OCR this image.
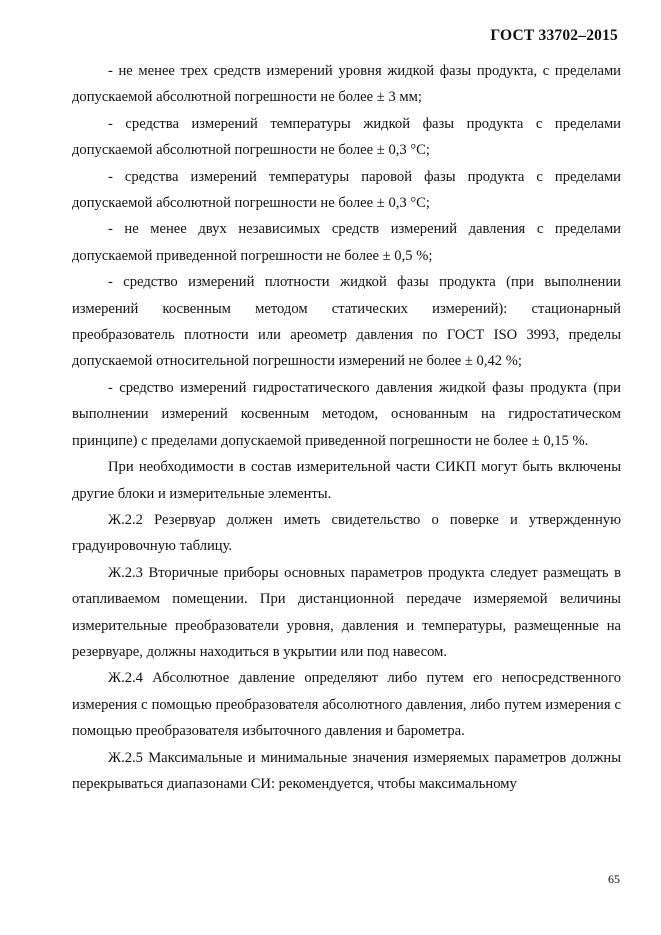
ГОСТ 33702–2015

- не менее трех средств измерений уровня жидкой фазы продукта, с пределами допускаемой абсолютной погрешности не более ± 3 мм;

- средства измерений температуры жидкой фазы продукта с пределами допускаемой абсолютной погрешности не более ± 0,3 °С;

- средства измерений температуры паровой фазы продукта с пределами допускаемой абсолютной погрешности не более ± 0,3 °С;

- не менее двух независимых средств измерений давления с пределами допускаемой приведенной погрешности не более ± 0,5 %;

- средство измерений плотности жидкой фазы продукта (при выполнении измерений косвенным методом статических измерений): стационарный преобразователь плотности или ареометр давления по ГОСТ ISO 3993, пределы допускаемой относительной погрешности измерений не более ± 0,42 %;

- средство измерений гидростатического давления жидкой фазы продукта (при выполнении измерений косвенным методом, основанным на гидростатическом принципе) с пределами допускаемой приведенной погрешности не более ± 0,15 %.

При необходимости в состав измерительной части СИКП могут быть включены другие блоки и измерительные элементы.

Ж.2.2 Резервуар должен иметь свидетельство о поверке и утвержденную градуировочную таблицу.

Ж.2.3 Вторичные приборы основных параметров продукта следует размещать в отапливаемом помещении. При дистанционной передаче измеряемой величины измерительные преобразователи уровня, давления и температуры, размещенные на резервуаре, должны находиться в укрытии или под навесом.

Ж.2.4 Абсолютное давление определяют либо путем его непосредственного измерения с помощью преобразователя абсолютного давления, либо путем измерения с помощью преобразователя избыточного давления и барометра.

Ж.2.5 Максимальные и минимальные значения измеряемых параметров должны перекрываться диапазонами СИ: рекомендуется, чтобы максимальному

65
